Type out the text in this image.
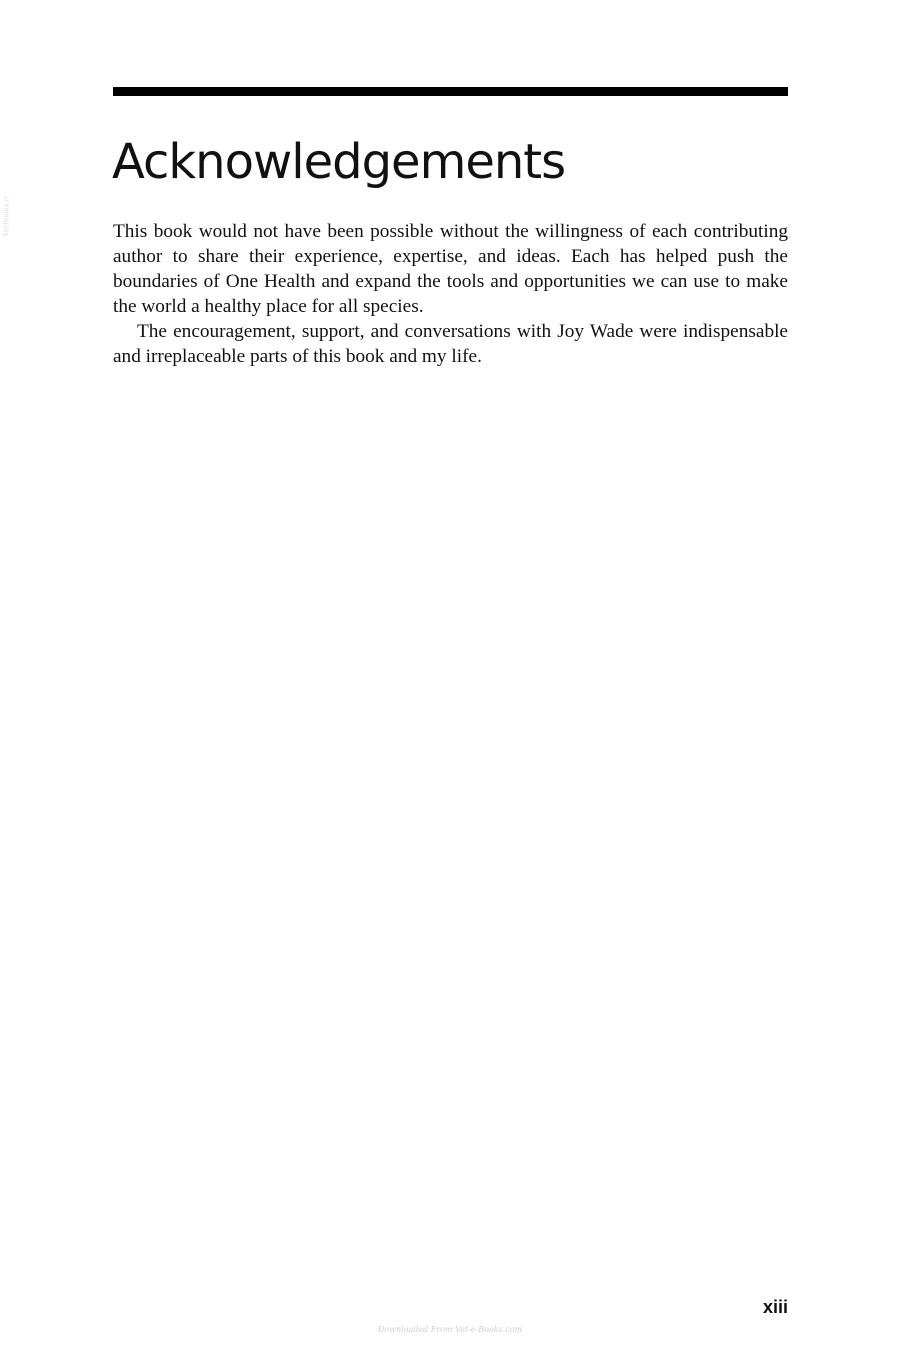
Acknowledgements

This book would not have been possible without the willingness of each contributing author to share their experience, expertise, and ideas. Each has helped push the boundaries of One Health and expand the tools and opportunities we can use to make the world a healthy place for all species.

The encouragement, support, and conversations with Joy Wade were indispensable and irreplaceable parts of this book and my life.

xiii
Downloaded From Vet-e-Books.com
VetBooks.ir
